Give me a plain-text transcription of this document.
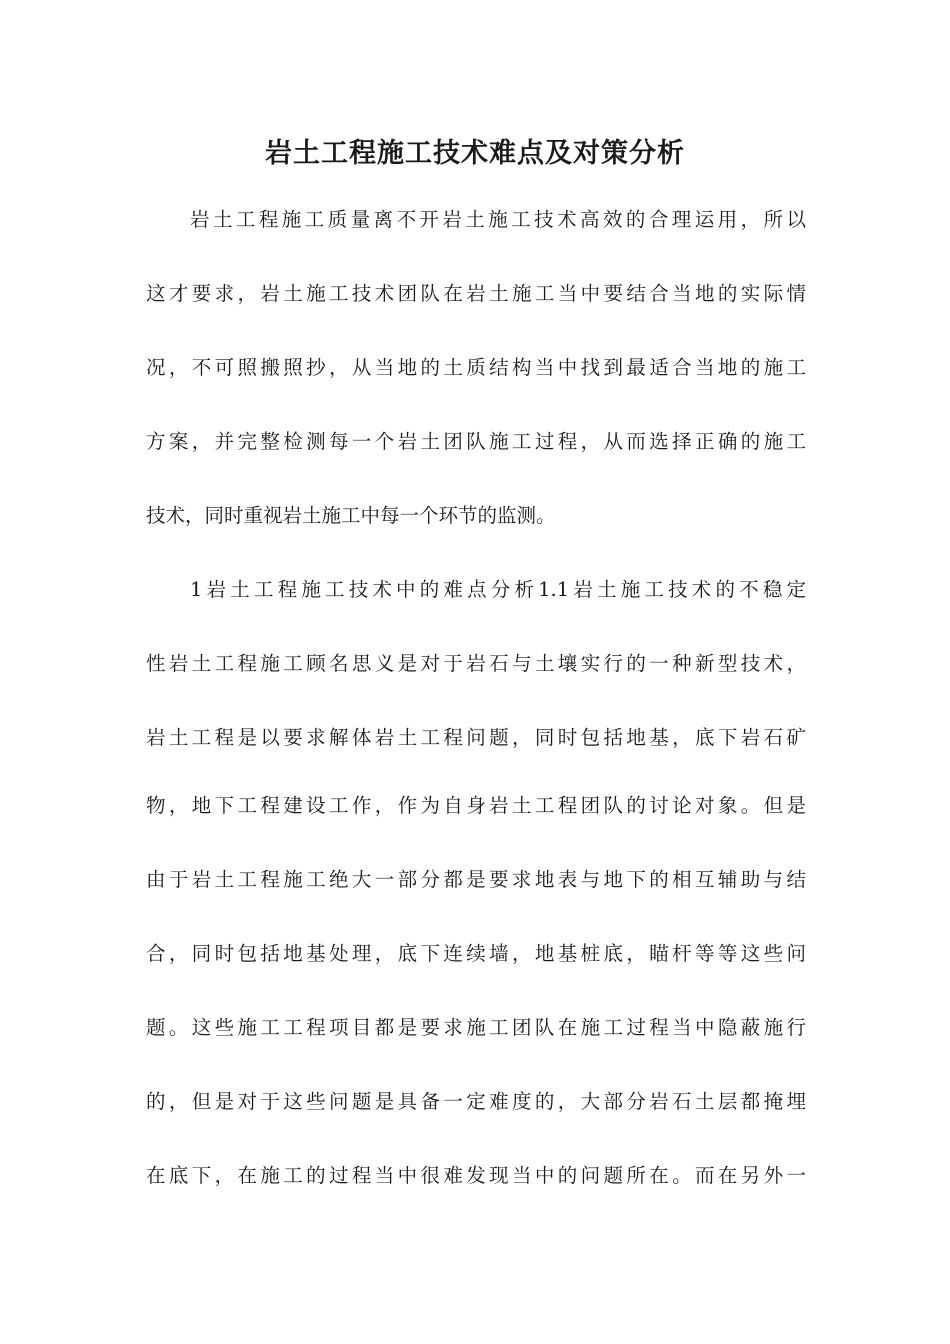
岩土工程施工技术难点及对策分析

岩土工程施工质量离不开岩土施工技术高效的合理运用，所以

这才要求，岩土施工技术团队在岩土施工当中要结合当地的实际情

况，不可照搬照抄，从当地的土质结构当中找到最适合当地的施工

方案，并完整检测每一个岩土团队施工过程，从而选择正确的施工

技术，同时重视岩土施工中每一个环节的监测。

1岩土工程施工技术中的难点分析1.1岩土施工技术的不稳定

性岩土工程施工顾名思义是对于岩石与土壤实行的一种新型技术，

岩土工程是以要求解体岩土工程问题，同时包括地基，底下岩石矿

物，地下工程建设工作，作为自身岩土工程团队的讨论对象。但是

由于岩土工程施工绝大一部分都是要求地表与地下的相互辅助与结

合，同时包括地基处理，底下连续墙，地基桩底，瞄杆等等这些问

题。这些施工工程项目都是要求施工团队在施工过程当中隐蔽施行

的，但是对于这些问题是具备一定难度的，大部分岩石土层都掩埋

在底下，在施工的过程当中很难发现当中的问题所在。而在另外一
